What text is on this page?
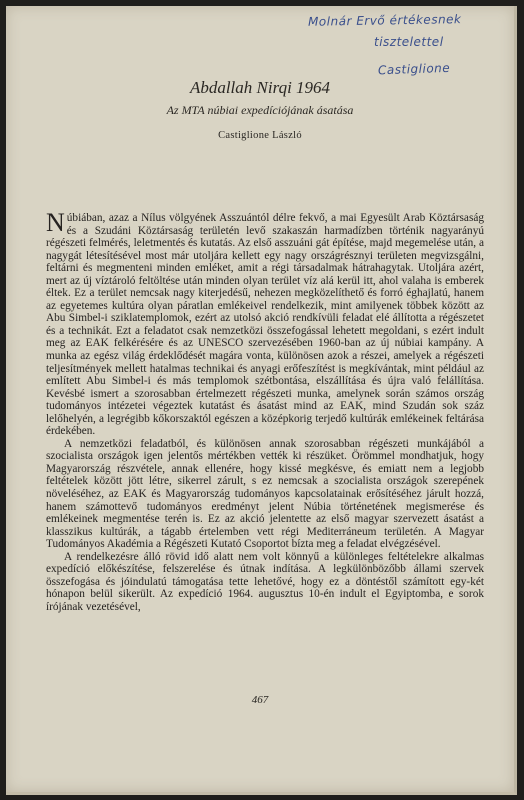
Molnár Ervő értékesnek
tisztelettel
Castiglione
Abdallah Nirqi 1964
Az MTA núbiai expedíciójának ásatása
Castiglione László

Núbiában, azaz a Nílus völgyének Asszuántól délre fekvő, a mai Egyesült Arab Köztársaság és a Szudáni Köztársaság területén levő szakaszán harmadízben történik nagyarányú régészeti felmérés, leletmentés és kutatás. Az első asszuáni gát építése, majd megemelése után, a nagygát létesítésével most már utoljára kellett egy nagy országrésznyi területen megvizsgálni, feltárni és megmenteni minden emléket, amit a régi társadalmak hátrahagytak. Utoljára azért, mert az új víztároló feltöltése után minden olyan terület víz alá kerül itt, ahol valaha is emberek éltek. Ez a terület nemcsak nagy kiterjedésű, nehezen megközelíthető és forró éghajlatú, hanem az egyetemes kultúra olyan páratlan emlékeivel rendelkezik, mint amilyenek többek között az Abu Simbel-i sziklatemplomok, ezért az utolsó akció rendkívüli feladat elé állította a régészetet és a technikát. Ezt a feladatot csak nemzetközi összefogással lehetett megoldani, s ezért indult meg az EAK felkérésére és az UNESCO szervezésében 1960-ban az új núbiai kampány. A munka az egész világ érdeklődését magára vonta, különösen azok a részei, amelyek a régészeti teljesítmények mellett hatalmas technikai és anyagi erőfeszítést is megkívántak, mint például az említett Abu Simbel-i és más templomok szétbontása, elszállítása és újra való felállítása. Kevésbé ismert a szorosabban értelmezett régészeti munka, amelynek során számos ország tudományos intézetei végeztek kutatást és ásatást mind az EAK, mind Szudán sok száz lelőhelyén, a legrégibb kőkorszaktól egészen a középkorig terjedő kultúrák emlékeinek feltárása érdekében.

A nemzetközi feladatból, és különösen annak szorosabban régészeti munkájából a szocialista országok igen jelentős mértékben vették ki részüket. Örömmel mondhatjuk, hogy Magyarország részvétele, annak ellenére, hogy kissé megkésve, és emiatt nem a legjobb feltételek között jött létre, sikerrel zárult, s ez nemcsak a szocialista országok szerepének növeléséhez, az EAK és Magyarország tudományos kapcsolatainak erősítéséhez járult hozzá, hanem számottevő tudományos eredményt jelent Núbia történetének megismerése és emlékeinek megmentése terén is. Ez az akció jelentette az első magyar szervezett ásatást a klasszikus kultúrák, a tágabb értelemben vett régi Mediterráneum területén. A Magyar Tudományos Akadémia a Régészeti Kutató Csoportot bízta meg a feladat elvégzésével.

A rendelkezésre álló rövid idő alatt nem volt könnyű a különleges feltételekre alkalmas expedíció előkészítése, felszerelése és útnak indítása. A legkülönbözőbb állami szervek összefogása és jóindulatú támogatása tette lehetővé, hogy ez a döntéstől számított egy-két hónapon belül sikerült. Az expedíció 1964. augusztus 10-én indult el Egyiptomba, e sorok írójának vezetésével,

467
